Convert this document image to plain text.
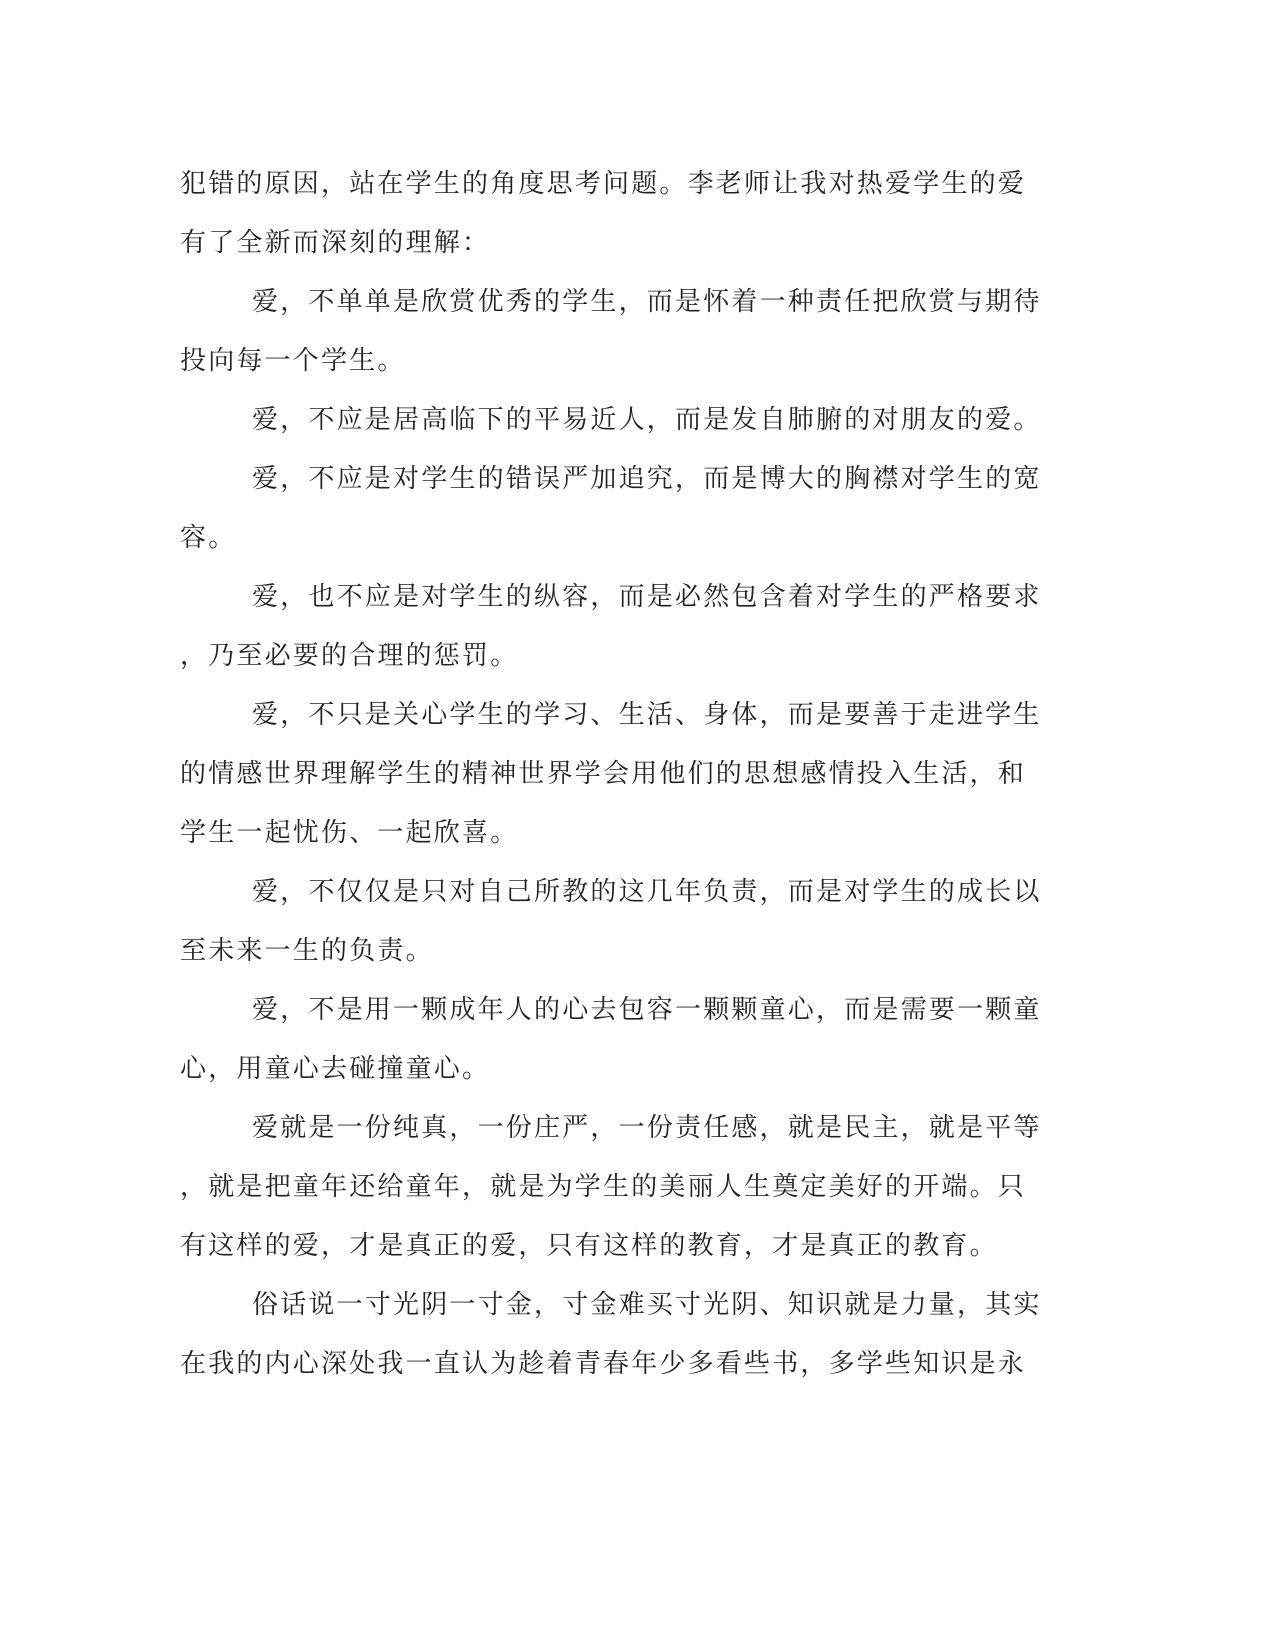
犯错的原因，站在学生的角度思考问题。李老师让我对热爱学生的爱
有了全新而深刻的理解：
爱，不单单是欣赏优秀的学生，而是怀着一种责任把欣赏与期待
投向每一个学生。
爱，不应是居高临下的平易近人，而是发自肺腑的对朋友的爱。
爱，不应是对学生的错误严加追究，而是博大的胸襟对学生的宽
容。
爱，也不应是对学生的纵容，而是必然包含着对学生的严格要求
，乃至必要的合理的惩罚。
爱，不只是关心学生的学习、生活、身体，而是要善于走进学生
的情感世界理解学生的精神世界学会用他们的思想感情投入生活，和
学生一起忧伤、一起欣喜。
爱，不仅仅是只对自己所教的这几年负责，而是对学生的成长以
至未来一生的负责。
爱，不是用一颗成年人的心去包容一颗颗童心，而是需要一颗童
心，用童心去碰撞童心。
爱就是一份纯真，一份庄严，一份责任感，就是民主，就是平等
，就是把童年还给童年，就是为学生的美丽人生奠定美好的开端。只
有这样的爱，才是真正的爱，只有这样的教育，才是真正的教育。
俗话说一寸光阴一寸金，寸金难买寸光阴、知识就是力量，其实
在我的内心深处我一直认为趁着青春年少多看些书，多学些知识是永
